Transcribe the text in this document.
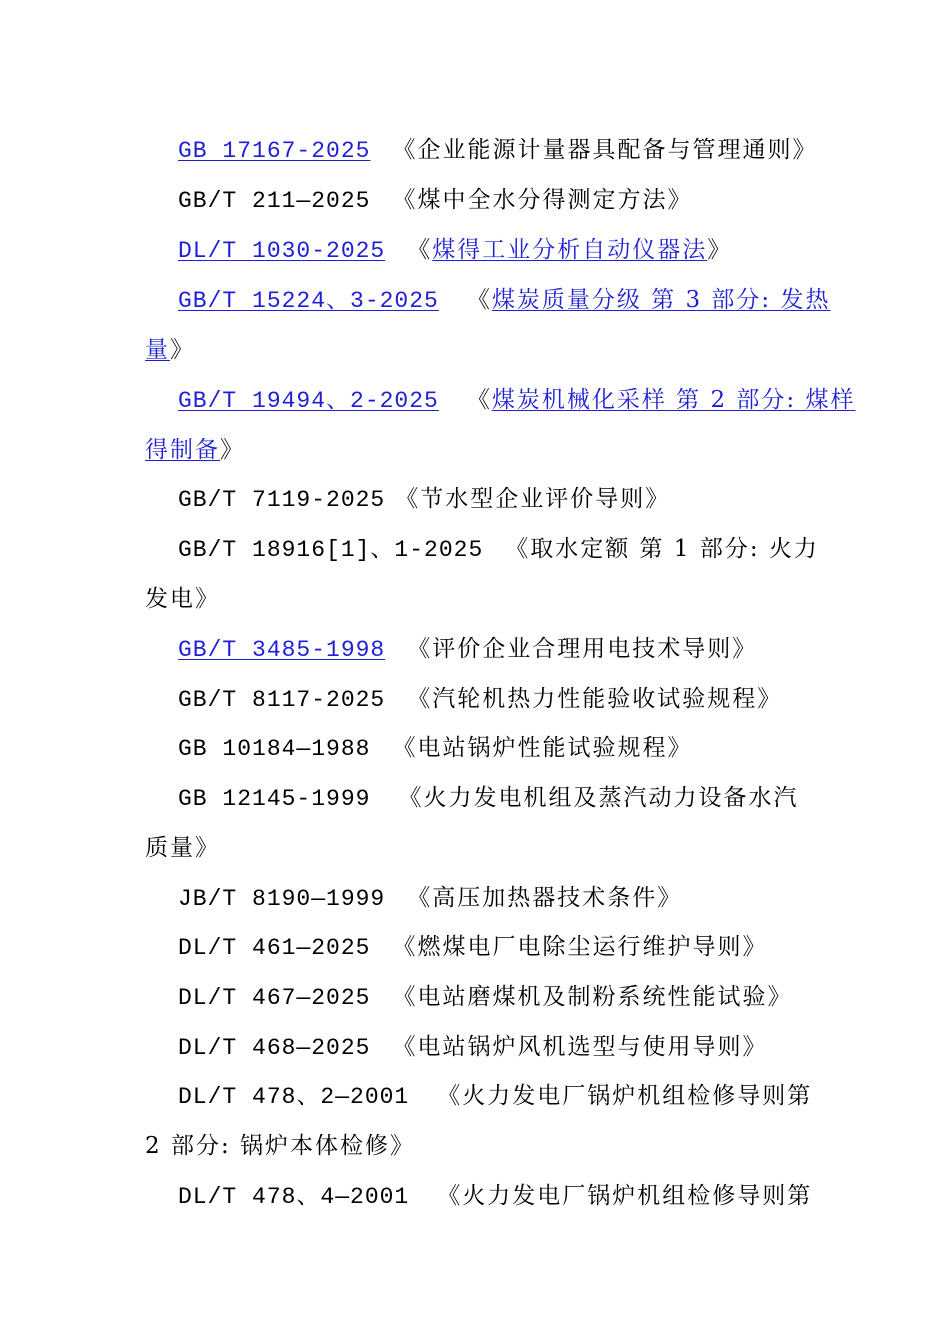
GB 17167-2025 《企业能源计量器具配备与管理通则》
GB/T 211—2025 《煤中全水分得测定方法》
DL/T 1030-2025 《煤得工业分析自动仪器法》
GB/T 15224、3-2025 《煤炭质量分级 第 3 部分: 发热
量》
GB/T 19494、2-2025 《煤炭机械化采样 第 2 部分: 煤样
得制备》
GB/T 7119-2025 《节水型企业评价导则》
GB/T 18916[1]、1-2025 《取水定额 第 1 部分: 火力
发电》
GB/T 3485-1998 《评价企业合理用电技术导则》
GB/T 8117-2025 《汽轮机热力性能验收试验规程》
GB 10184—1988 《电站锅炉性能试验规程》
GB 12145-1999 《火力发电机组及蒸汽动力设备水汽
质量》
JB/T 8190—1999 《高压加热器技术条件》
DL/T 461—2025 《燃煤电厂电除尘运行维护导则》
DL/T 467—2025 《电站磨煤机及制粉系统性能试验》
DL/T 468—2025 《电站锅炉风机选型与使用导则》
DL/T 478、2—2001 《火力发电厂锅炉机组检修导则第
2 部分: 锅炉本体检修》
DL/T 478、4—2001 《火力发电厂锅炉机组检修导则第
